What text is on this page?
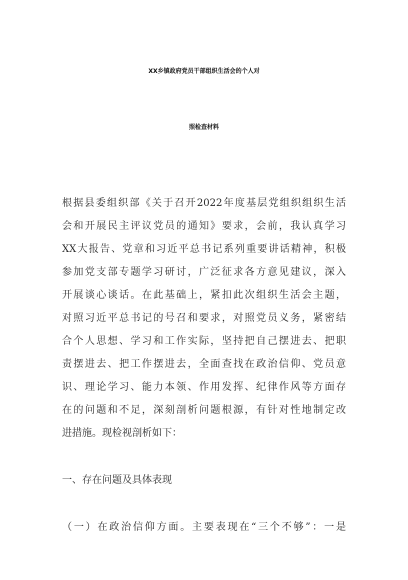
XX乡镇政府党员干部组织生活会的个人对
照检查材料
根据县委组织部《关于召开2022年度基层党组织组织生活
会和开展民主评议党员的通知》要求，会前，我认真学习
XX大报告、党章和习近平总书记系列重要讲话精神，积极
参加党支部专题学习研讨，广泛征求各方意见建议，深入
开展谈心谈话。在此基础上，紧扣此次组织生活会主题，
对照习近平总书记的号召和要求，对照党员义务，紧密结
合个人思想、学习和工作实际，坚持把自己摆进去、把职
责摆进去、把工作摆进去，全面查找在政治信仰、党员意
识、理论学习、能力本领、作用发挥、纪律作风等方面存
在的问题和不足，深刻剖析问题根源，有针对性地制定改
进措施。现检视剖析如下：
一、存在问题及具体表现
（一）在政治信仰方面。主要表现在“三个不够”：一是
